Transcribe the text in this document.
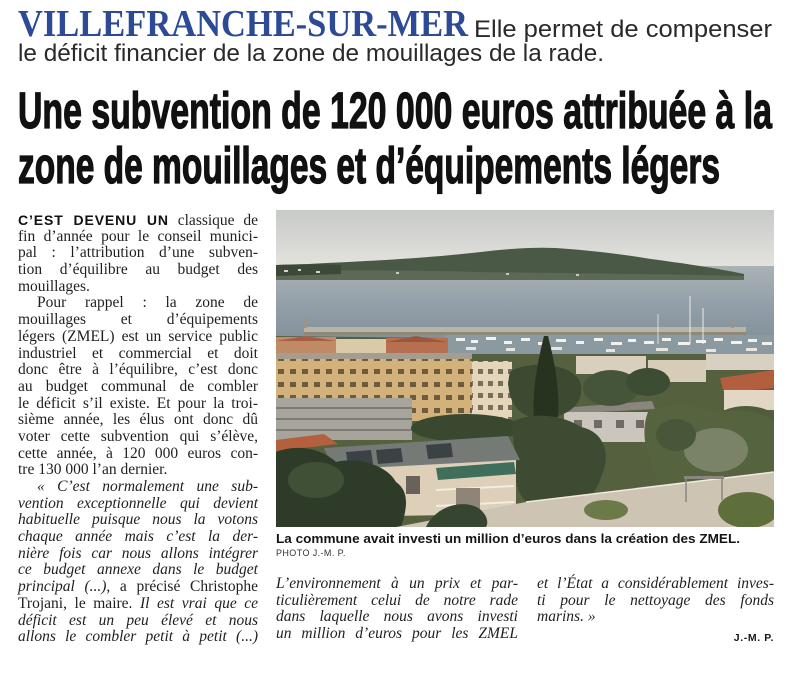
VILLEFRANCHE-SUR-MER Elle permet de compenser
le déficit financier de la zone de mouillages de la rade.
Une subvention de 120 000 euros attribuée à la
zone de mouillages et d’équipements légers
C’EST DEVENU UN classique de
fin d’année pour le conseil munici-
pal : l’attribution d’une subven-
tion d’équilibre au budget des
mouillages.
Pour rappel : la zone de
mouillages et d’équipements
légers (ZMEL) est un service public
industriel et commercial et doit
donc être à l’équilibre, c’est donc
au budget communal de combler
le déficit s’il existe. Et pour la troi-
sième année, les élus ont donc dû
voter cette subvention qui s’élève,
cette année, à 120 000 euros con-
tre 130 000 l’an dernier.
« C’est normalement une sub-
vention exceptionnelle qui devient
habituelle puisque nous la votons
chaque année mais c’est la der-
nière fois car nous allons intégrer
ce budget annexe dans le budget
principal (...), a précisé Christophe
Trojani, le maire. Il est vrai que ce
déficit est un peu élevé et nous
allons le combler petit à petit (...)
La commune avait investi un million d’euros dans la création des ZMEL.
PHOTO J.-M. P.
L’environnement à un prix et par-
ticulièrement celui de notre rade
dans laquelle nous avons investi
un million d’euros pour les ZMEL
et l’État a considérablement inves-
ti pour le nettoyage des fonds
marins. »
J.-M. P.
